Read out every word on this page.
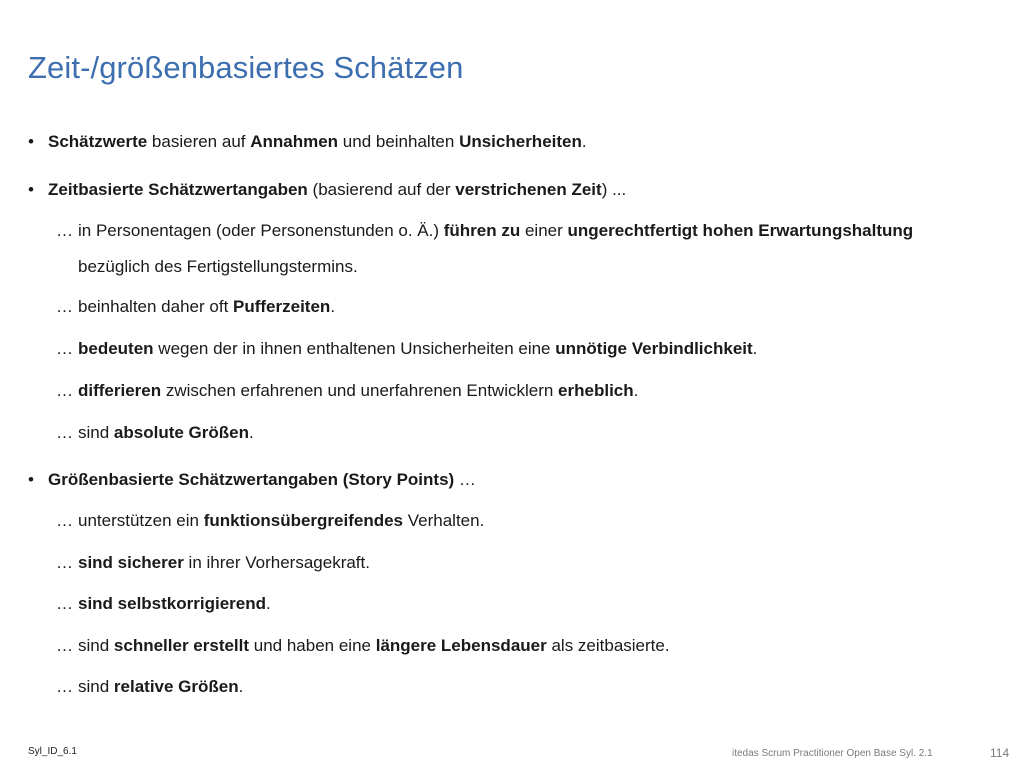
Zeit-/größenbasiertes Schätzen
• Schätzwerte basieren auf Annahmen und beinhalten Unsicherheiten.
• Zeitbasierte Schätzwertangaben (basierend auf der verstrichenen Zeit) ...
… in Personentagen (oder Personenstunden o. Ä.) führen zu einer ungerechtfertigt hohen Erwartungshaltung
bezüglich des Fertigstellungstermins.
… beinhalten daher oft Pufferzeiten.
… bedeuten wegen der in ihnen enthaltenen Unsicherheiten eine unnötige Verbindlichkeit.
… differieren zwischen erfahrenen und unerfahrenen Entwicklern erheblich.
… sind absolute Größen.
• Größenbasierte Schätzwertangaben (Story Points) …
… unterstützen ein funktionsübergreifendes Verhalten.
… sind sicherer in ihrer Vorhersagekraft.
… sind selbstkorrigierend.
… sind schneller erstellt und haben eine längere Lebensdauer als zeitbasierte.
… sind relative Größen.
Syl_ID_6.1	itedas Scrum Practitioner Open Base Syl. 2.1	114
